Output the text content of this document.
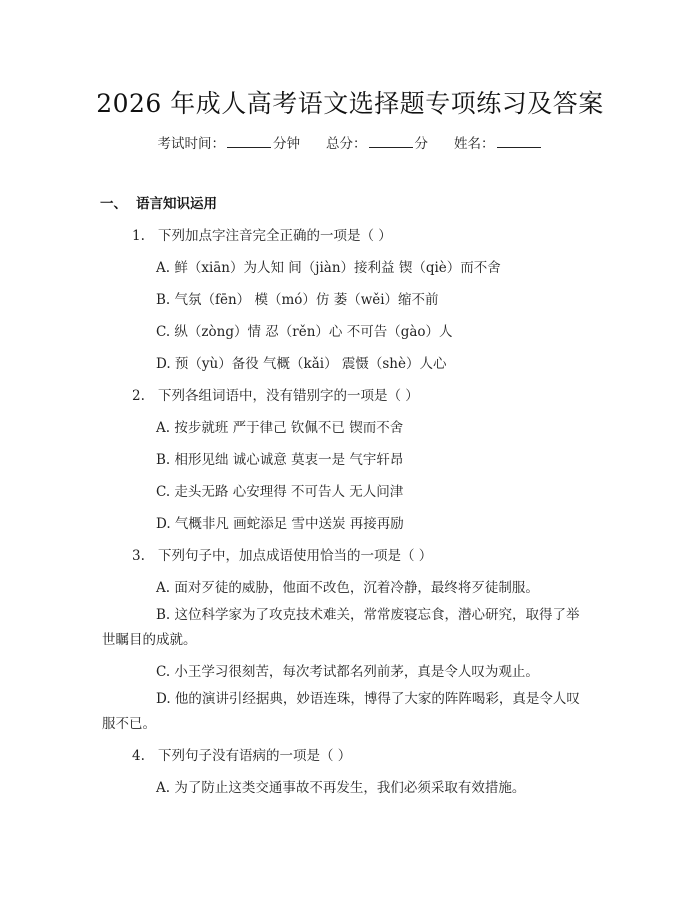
2026 年成人高考语文选择题专项练习及答案
考试时间：	分钟 总分：	分 姓名：
一、 语言知识运用
1. 下列加点字注音完全正确的一项是（ ）
A. 鲜（xiān）为人知 间（jiàn）接利益 锲（qiè）而不舍
B. 气氛（fēn） 模（mó）仿 萎（wěi）缩不前
C. 纵（zòng）情 忍（rěn）心 不可告（gào）人
D. 预（yù）备役 气概（kǎi） 震慑（shè）人心
2. 下列各组词语中，没有错别字的一项是（ ）
A. 按步就班 严于律己 钦佩不已 锲而不舍
B. 相形见绌 诚心诚意 莫衷一是 气宇轩昂
C. 走头无路 心安理得 不可告人 无人问津
D. 气概非凡 画蛇添足 雪中送炭 再接再励
3. 下列句子中，加点成语使用恰当的一项是（ ）
A. 面对歹徒的威胁，他面不改色，沉着冷静，最终将歹徒制服。
B. 这位科学家为了攻克技术难关，常常废寝忘食，潜心研究，取得了举世瞩目的成就。
C. 小王学习很刻苦，每次考试都名列前茅，真是令人叹为观止。
D. 他的演讲引经据典，妙语连珠，博得了大家的阵阵喝彩，真是令人叹服不已。
4. 下列句子没有语病的一项是（ ）
A. 为了防止这类交通事故不再发生，我们必须采取有效措施。
